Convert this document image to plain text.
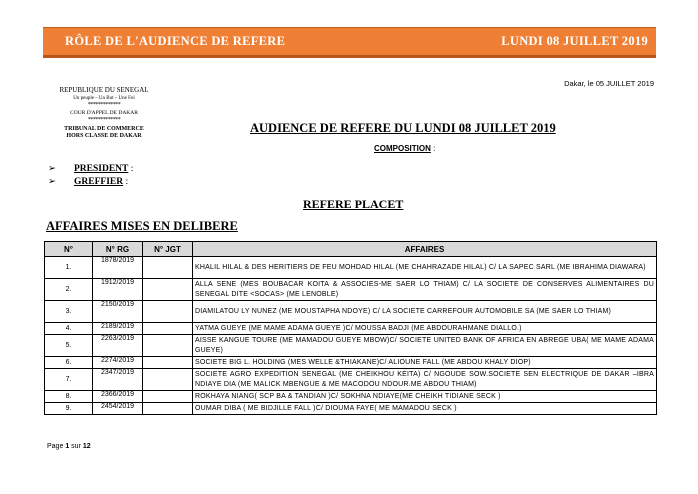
RÔLE DE L'AUDIENCE DE REFERE	LUNDI 08 JUILLET 2019
Dakar, le 05 JUILLET 2019
REPUBLIQUE DU SENEGAL
Un peuple – Un But – Une Foi
*************
COUR D'APPEL DE DAKAR
*************
TRIBUNAL DE COMMERCE
HORS CLASSE DE DAKAR
AUDIENCE DE REFERE DU LUNDI 08 JUILLET 2019
COMPOSITION :
➢ PRESIDENT :
➢ GREFFIER :
REFERE PLACET
AFFAIRES MISES EN DELIBERE
N°	N° RG	N° JGT	AFFAIRES
1.	1878/2019		KHALIL HILAL & DES HERITIERS DE FEU MOHDAD HILAL (ME CHAHRAZADE HILAL) C/ LA SAPEC SARL (ME IBRAHIMA DIAWARA)
2.	1912/2019		ALLA SENE (MES BOUBACAR KOITA & ASSOCIES-ME SAER LO THIAM) C/ LA SOCIETE DE CONSERVES ALIMENTAIRES DU SENEGAL DITE <SOCAS> (ME LENOBLE)
3.	2150/2019		DIAMILATOU LY NUNEZ (ME MOUSTAPHA NDOYE) C/ LA SOCIETE CARREFOUR AUTOMOBILE SA (ME SAER LO THIAM)
4.	2189/2019		YATMA GUEYE (ME MAME ADAMA GUEYE )C/ MOUSSA BADJI (ME ABDOURAHMANE DIALLO.)
5.	2263/2019		AISSE KANGUE TOURE (ME MAMADOU GUEYE MBOW)C/ SOCIETE UNITED BANK OF AFRICA EN ABREGE UBA( ME MAME ADAMA GUEYE)
6.	2274/2019		SOCIETE BIG L. HOLDING (MES WELLE &THIAKANE)C/ ALIOUNE FALL (ME ABDOU KHALY DIOP)
7.	2347/2019		SOCIETE AGRO EXPEDITION SENEGAL (ME CHEIKHOU KEITA) C/ NGOUDE SOW.SOCIETE SEN ELECTRIQUE DE DAKAR –IBRA NDIAYE DIA (ME MALICK MBENGUE & ME MACODOU NDOUR.ME ABDOU THIAM)
8.	2366/2019		ROKHAYA NIANG( SCP BA & TANDIAN )C/ SOKHNA NDIAYE(ME CHEIKH TIDIANE SECK )
9.	2454/2019		OUMAR DIBA ( ME BIDJILLE FALL )C/ DIOUMA FAYE( ME MAMADOU SECK )
Page 1 sur 12
